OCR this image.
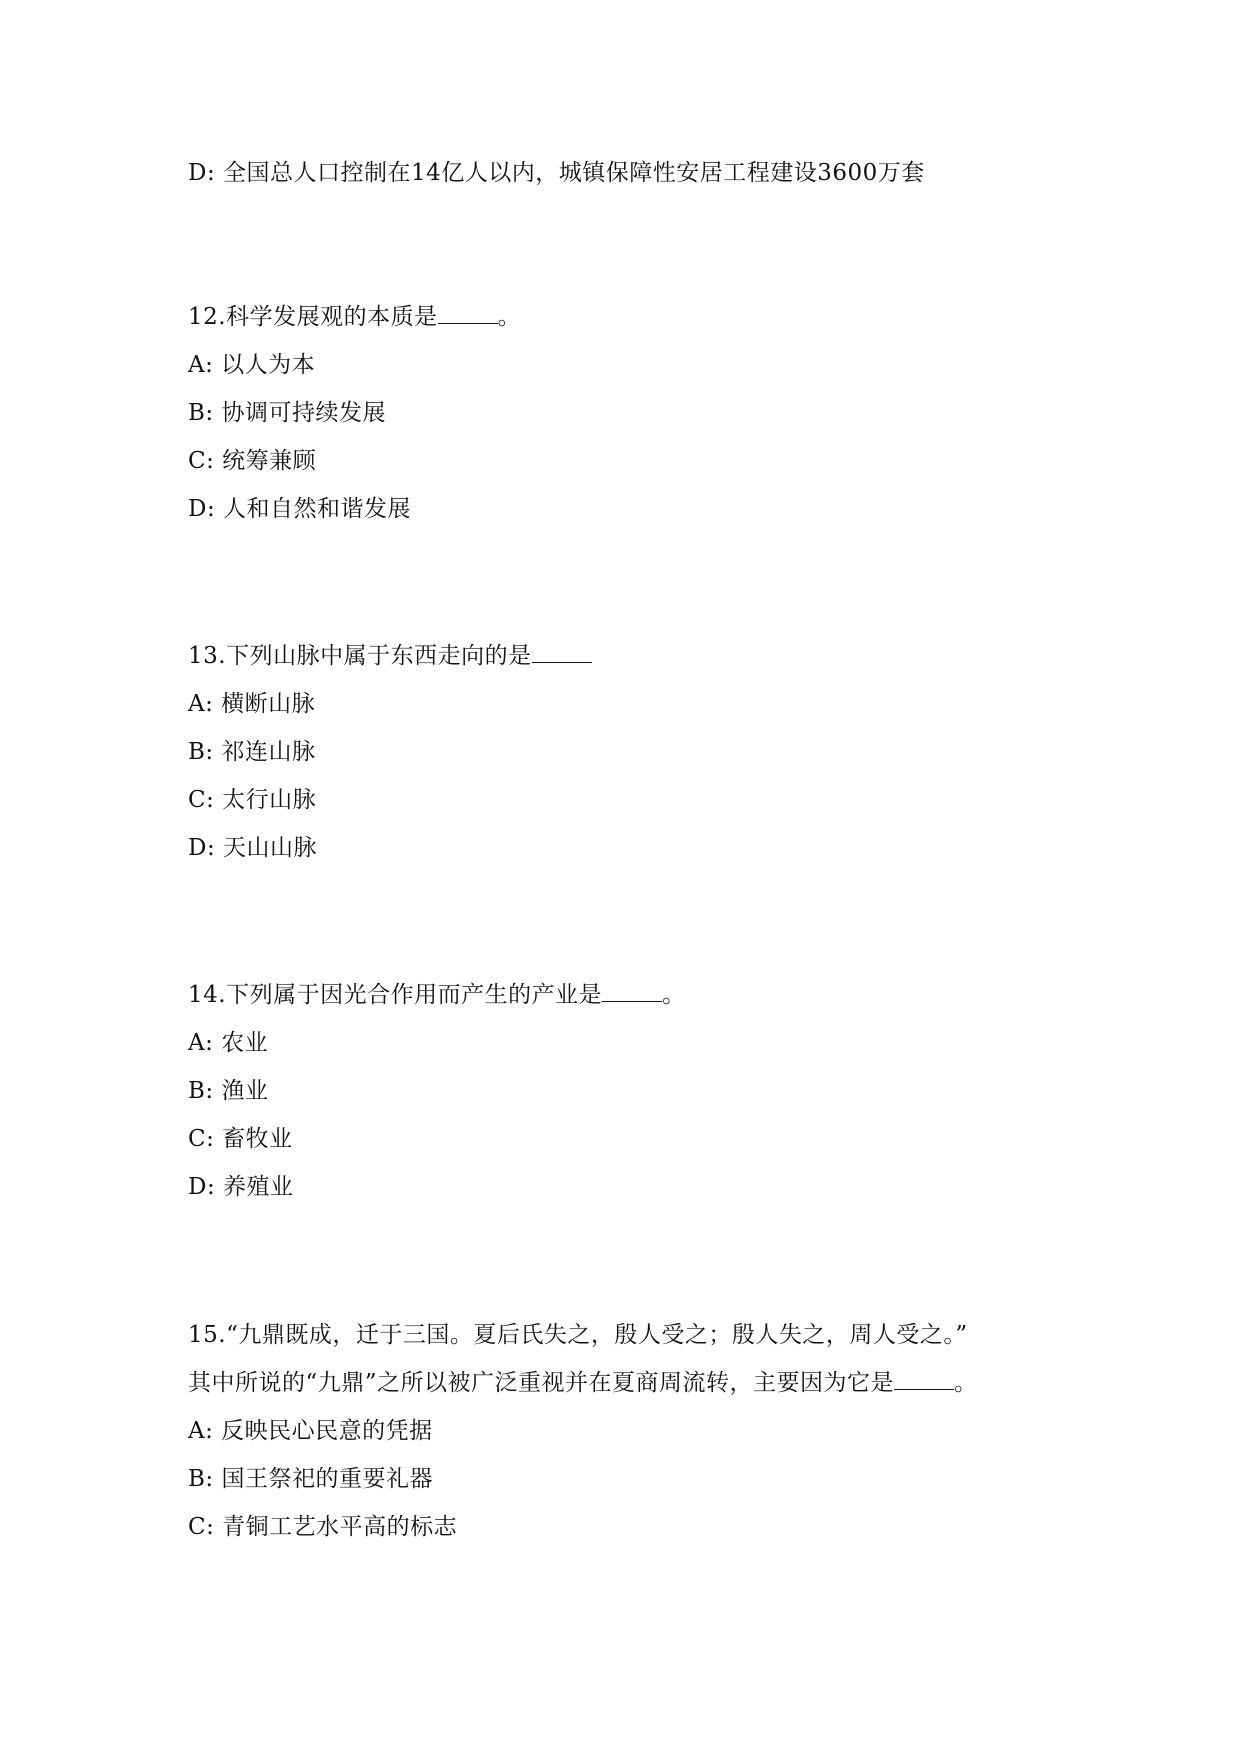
D: 全国总人口控制在14亿人以内，城镇保障性安居工程建设3600万套
12.科学发展观的本质是	。
A: 以人为本
B: 协调可持续发展
C: 统筹兼顾
D: 人和自然和谐发展
13.下列山脉中属于东西走向的是
A: 横断山脉
B: 祁连山脉
C: 太行山脉
D: 天山山脉
14.下列属于因光合作用而产生的产业是	。
A: 农业
B: 渔业
C: 畜牧业
D: 养殖业
15.“九鼎既成，迁于三国。夏后氏失之，殷人受之；殷人失之，周人受之。”
其中所说的“九鼎”之所以被广泛重视并在夏商周流转，主要因为它是	。
A: 反映民心民意的凭据
B: 国王祭祀的重要礼器
C: 青铜工艺水平高的标志
